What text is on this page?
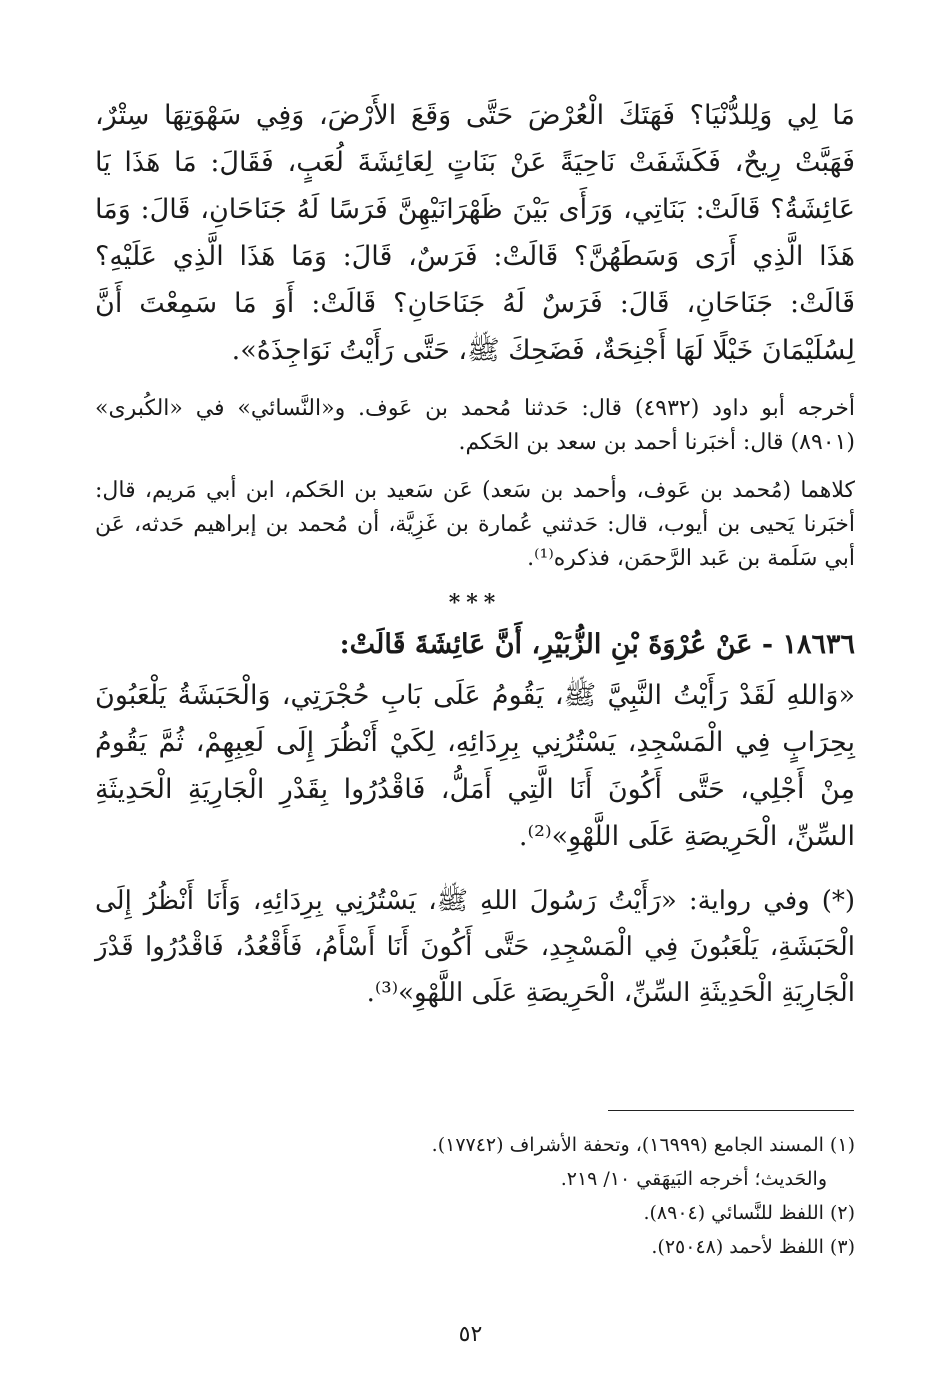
مَا لِي وَلِلدُّنْيَا؟ فَهَتَكَ الْعُرْضَ حَتَّى وَقَعَ الأَرْضَ، وَفِي سَهْوَتِهَا سِتْرٌ، فَهَبَّتْ رِيحٌ، فَكَشَفَتْ نَاحِيَةً عَنْ بَنَاتٍ لِعَائِشَةَ لُعَبٍ، فَقَالَ: مَا هَذَا يَا عَائِشَةُ؟ قَالَتْ: بَنَاتِي، وَرَأَى بَيْنَ ظَهْرَانَيْهِنَّ فَرَسًا لَهُ جَنَاحَانِ، قَالَ: وَمَا هَذَا الَّذِي أَرَى وَسَطَهُنَّ؟ قَالَتْ: فَرَسٌ، قَالَ: وَمَا هَذَا الَّذِي عَلَيْهِ؟ قَالَتْ: جَنَاحَانِ، قَالَ: فَرَسٌ لَهُ جَنَاحَانِ؟ قَالَتْ: أَوَ مَا سَمِعْتَ أَنَّ لِسُلَيْمَانَ خَيْلًا لَهَا أَجْنِحَةٌ، فَضَحِكَ ﷺ، حَتَّى رَأَيْتُ نَوَاجِذَهُ».

أخرجه أبو داود (٤٩٣٢) قال: حَدثنا مُحمد بن عَوف. و«النَّسائي» في «الكُبرى» (٨٩٠١) قال: أخبَرنا أحمد بن سعد بن الحَكم.

كلاهما (مُحمد بن عَوف، وأحمد بن سَعد) عَن سَعيد بن الحَكم، ابن أبي مَريم، قال: أخبَرنا يَحيى بن أيوب، قال: حَدثني عُمارة بن غَزِيَّة، أن مُحمد بن إبراهيم حَدثه، عَن أبي سَلَمة بن عَبد الرَّحمَن، فذكره⁽¹⁾.

***

١٨٦٣٦ - عَنْ عُرْوَةَ بْنِ الزُّبَيْرِ، أَنَّ عَائِشَةَ قَالَتْ:

«وَاللهِ لَقَدْ رَأَيْتُ النَّبِيَّ ﷺ، يَقُومُ عَلَى بَابِ حُجْرَتِي، وَالْحَبَشَةُ يَلْعَبُونَ بِحِرَابٍ فِي الْمَسْجِدِ، يَسْتُرُنِي بِرِدَائِهِ، لِكَيْ أَنْظُرَ إِلَى لَعِبِهِمْ، ثُمَّ يَقُومُ مِنْ أَجْلِي، حَتَّى أَكُونَ أَنَا الَّتِي أَمَلُّ، فَاقْدُرُوا بِقَدْرِ الْجَارِيَةِ الْحَدِيثَةِ السِّنِّ، الْحَرِيصَةِ عَلَى اللَّهْوِ»⁽²⁾.

(*) وفي رواية: «رَأَيْتُ رَسُولَ اللهِ ﷺ، يَسْتُرُنِي بِرِدَائِهِ، وَأَنَا أَنْظُرُ إِلَى الْحَبَشَةِ، يَلْعَبُونَ فِي الْمَسْجِدِ، حَتَّى أَكُونَ أَنَا أَسْأَمُ، فَأَقْعُدُ، فَاقْدُرُوا قَدْرَ الْجَارِيَةِ الْحَدِيثَةِ السِّنِّ، الْحَرِيصَةِ عَلَى اللَّهْوِ»⁽³⁾.

(١) المسند الجامع (١٦٩٩٩)، وتحفة الأشراف (١٧٧٤٢).
والحَديث؛ أخرجه البَيهَقي ١٠/ ٢١٩.
(٢) اللفظ للنَّسائي (٨٩٠٤).
(٣) اللفظ لأحمد (٢٥٠٤٨).
٥٢
